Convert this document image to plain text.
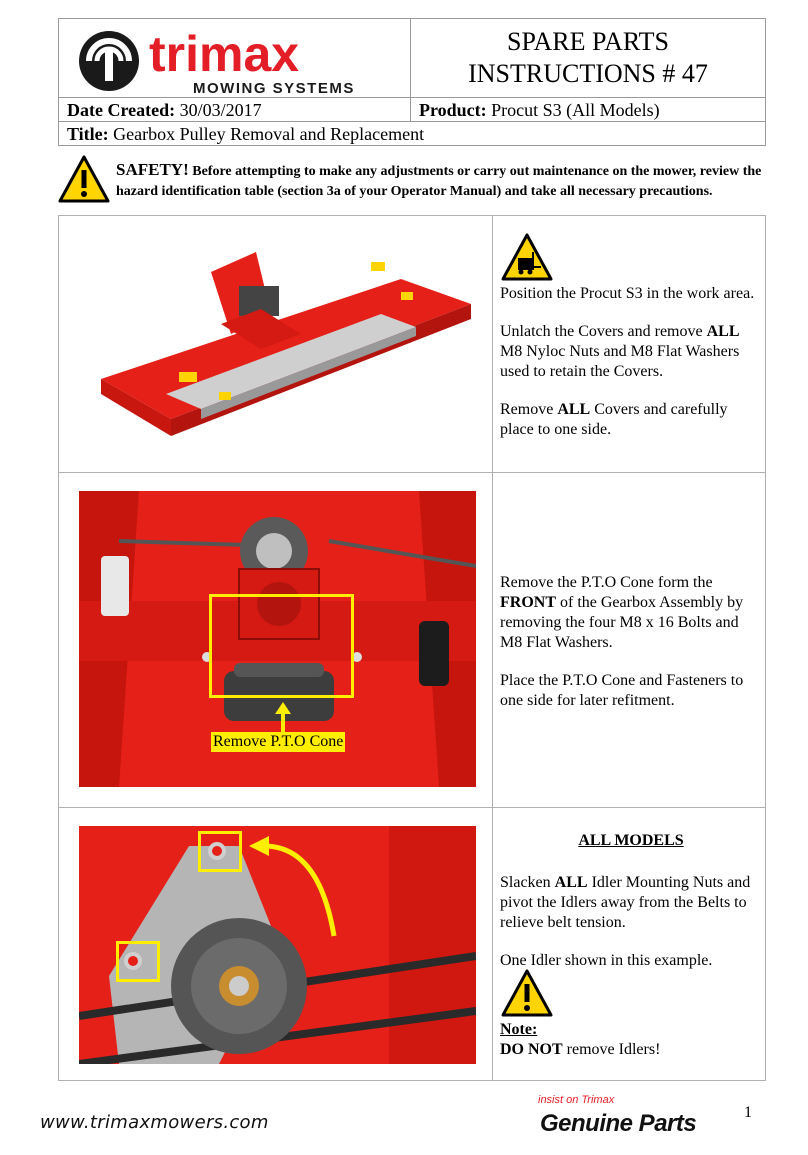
trimax
MOWING SYSTEMS
SPARE PARTS
INSTRUCTIONS # 47
Date Created: 30/03/2017	Product: Procut S3 (All Models)
Title: Gearbox Pulley Removal and Replacement
SAFETY! Before attempting to make any adjustments or carry out maintenance on the mower, review the hazard identification table (section 3a of your Operator Manual) and take all necessary precautions.

Position the Procut S3 in the work area.

Unlatch the Covers and remove ALL M8 Nyloc Nuts and M8 Flat Washers used to retain the Covers.

Remove ALL Covers and carefully place to one side.

Remove P.T.O Cone

Remove the P.T.O Cone form the FRONT of the Gearbox Assembly by removing the four M8 x 16 Bolts and M8 Flat Washers.

Place the P.T.O Cone and Fasteners to one side for later refitment.

ALL MODELS

Slacken ALL Idler Mounting Nuts and pivot the Idlers away from the Belts to relieve belt tension.

One Idler shown in this example.

Note:
DO NOT remove Idlers!
www.trimaxmowers.com
insist on Trimax
Genuine Parts	1
